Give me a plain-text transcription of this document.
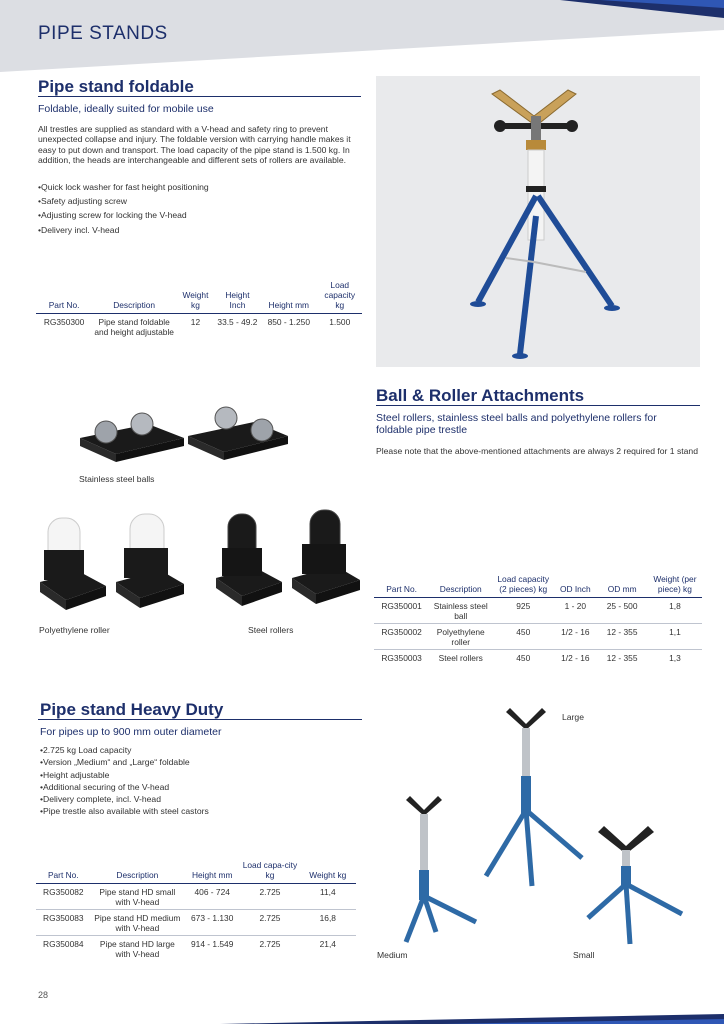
PIPE STANDS
Pipe stand foldable
Foldable, ideally suited for mobile use
All trestles are supplied as standard with a V-head and safety ring to prevent unexpected collapse and injury. The foldable version with carrying handle makes it easy to put down and transport. The load capacity of the pipe stand is 1.500 kg. In addition, the heads are interchangeable and different sets of rollers are available.
• Quick lock washer for fast height positioning
• Safety adjusting screw
• Adjusting screw for locking the V-head
• Delivery incl. V-head
Part No.	Description	Weight kg	Height Inch	Height mm	Load capacity kg
RG350300	Pipe stand foldable and height adjustable	12	33.5 - 49.2	850 - 1.250	1.500
Ball & Roller Attachments
Steel rollers, stainless steel balls and polyethylene rollers for foldable pipe trestle
Please note that the above-mentioned attachments are always 2 required for 1 stand
Stainless steel balls
Polyethylene roller	Steel rollers
Part No.	Description	Load capacity (2 pieces) kg	OD Inch	OD mm	Weight (per piece) kg
RG350001	Stainless steel ball	925	1 - 20	25 - 500	1,8
RG350002	Polyethylene roller	450	1/2 - 16	12 - 355	1,1
RG350003	Steel rollers	450	1/2 - 16	12 - 355	1,3
Pipe stand Heavy Duty
For pipes up to 900 mm outer diameter
• 2.725 kg Load capacity
• Version „Medium“ and „Large“ foldable
• Height adjustable
• Additional securing of the V-head
• Delivery complete, incl. V-head
• Pipe trestle also available with steel castors
Part No.	Description	Height mm	Load capa-city kg	Weight kg
RG350082	Pipe stand HD small with V-head	406 - 724	2.725	11,4
RG350083	Pipe stand HD medium with V-head	673 - 1.130	2.725	16,8
RG350084	Pipe stand HD large with V-head	914 - 1.549	2.725	21,4
Large
Medium	Small
28
